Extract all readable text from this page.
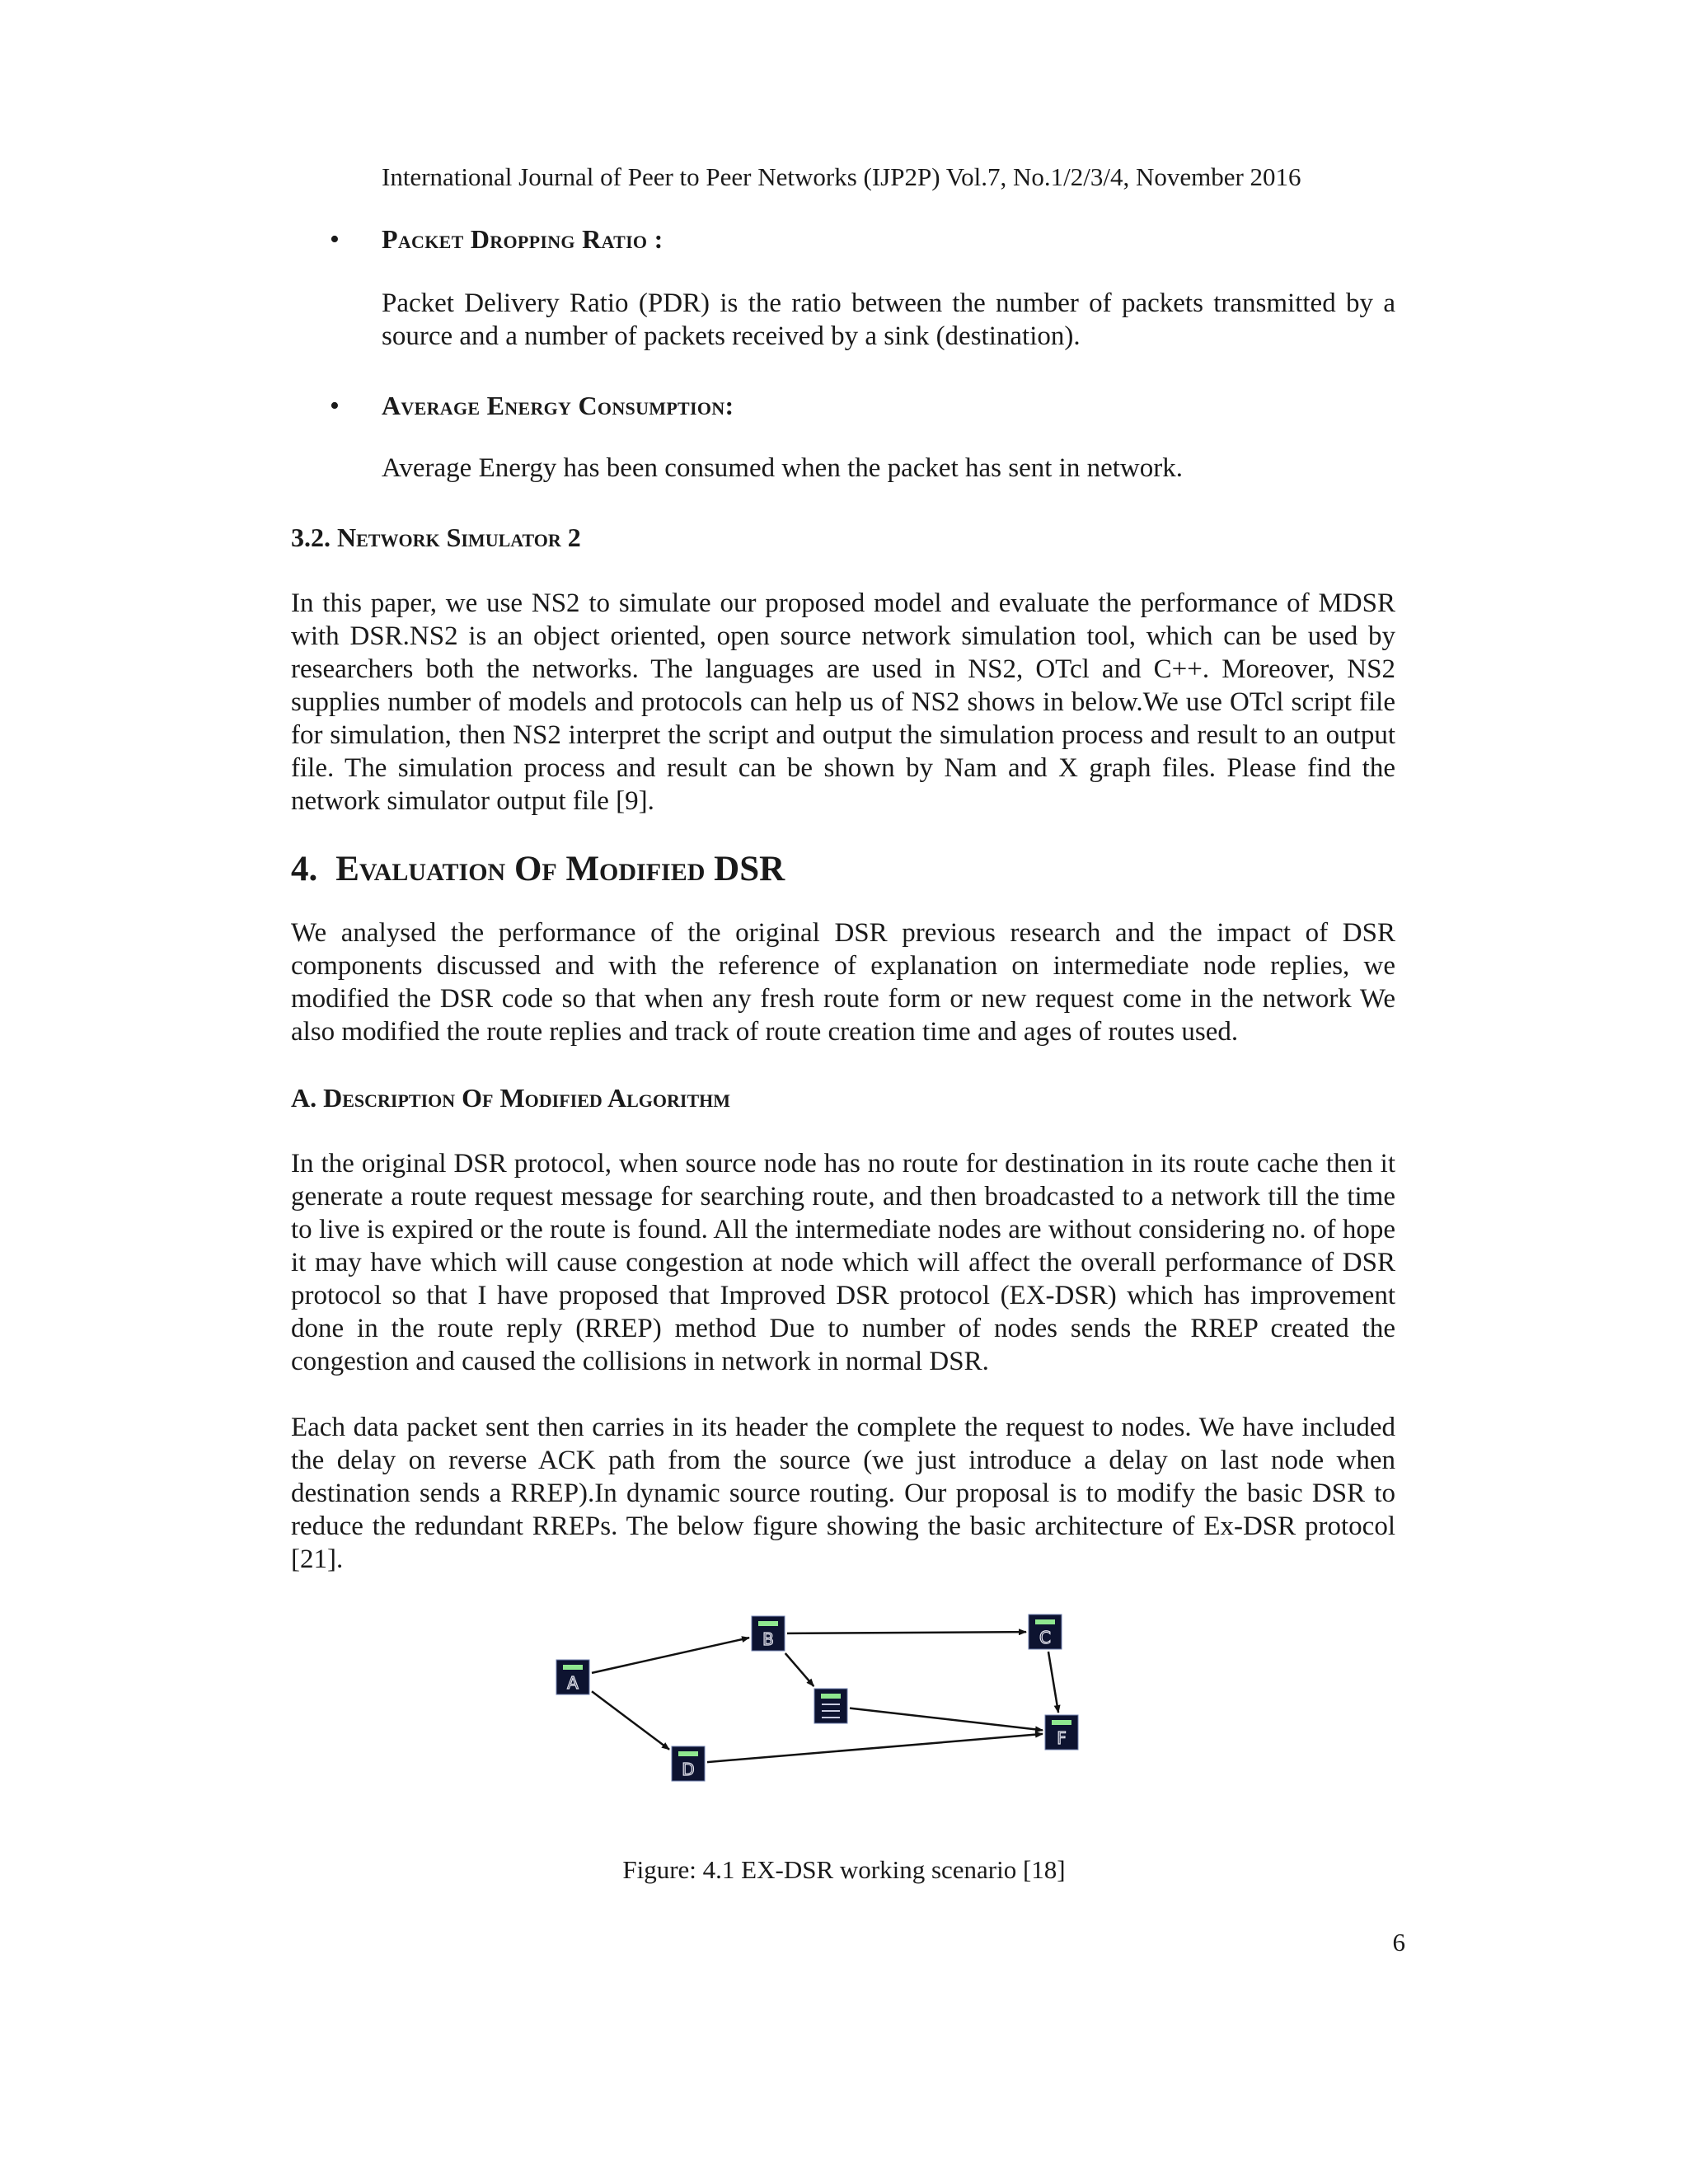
International Journal of Peer to Peer Networks (IJP2P) Vol.7, No.1/2/3/4, November 2016
•	Packet Dropping Ratio :
Packet Delivery Ratio (PDR) is the ratio between the number of packets transmitted by a source and a number of packets received by a sink (destination).
•	Average Energy Consumption:
Average Energy has been consumed when the packet has sent in network.
3.2. Network Simulator 2
In this paper, we use NS2 to simulate our proposed model and evaluate the performance of MDSR with DSR.NS2 is an object oriented, open source network simulation tool, which can be used by researchers both the networks. The languages are used in NS2, OTcl and C++. Moreover, NS2 supplies number of models and protocols can help us of NS2 shows in below.We use OTcl script file for simulation, then NS2 interpret the script and output the simulation process and result to an output file. The simulation process and result can be shown by Nam and X graph files. Please find the network simulator output file [9].
4. Evaluation Of Modified DSR
We analysed the performance of the original DSR previous research and the impact of DSR components discussed and with the reference of explanation on intermediate node replies, we modified the DSR code so that when any fresh route form or new request come in the network We also modified the route replies and track of route creation time and ages of routes used.
A. Description Of Modified Algorithm
In the original DSR protocol, when source node has no route for destination in its route cache then it generate a route request message for searching route, and then broadcasted to a network till the time to live is expired or the route is found. All the intermediate nodes are without considering no. of hope it may have which will cause congestion at node which will affect the overall performance of DSR protocol so that I have proposed that Improved DSR protocol (EX-DSR) which has improvement done in the route reply (RREP) method Due to number of nodes sends the RREP created the congestion and caused the collisions in network in normal DSR.
Each data packet sent then carries in its header the complete the request to nodes. We have included the delay on reverse ACK path from the source (we just introduce a delay on last node when destination sends a RREP).In dynamic source routing. Our proposal is to modify the basic DSR to reduce the redundant RREPs. The below figure showing the basic architecture of Ex-DSR protocol [21].
A
B	C
D
F
Figure: 4.1 EX-DSR working scenario [18]
6
